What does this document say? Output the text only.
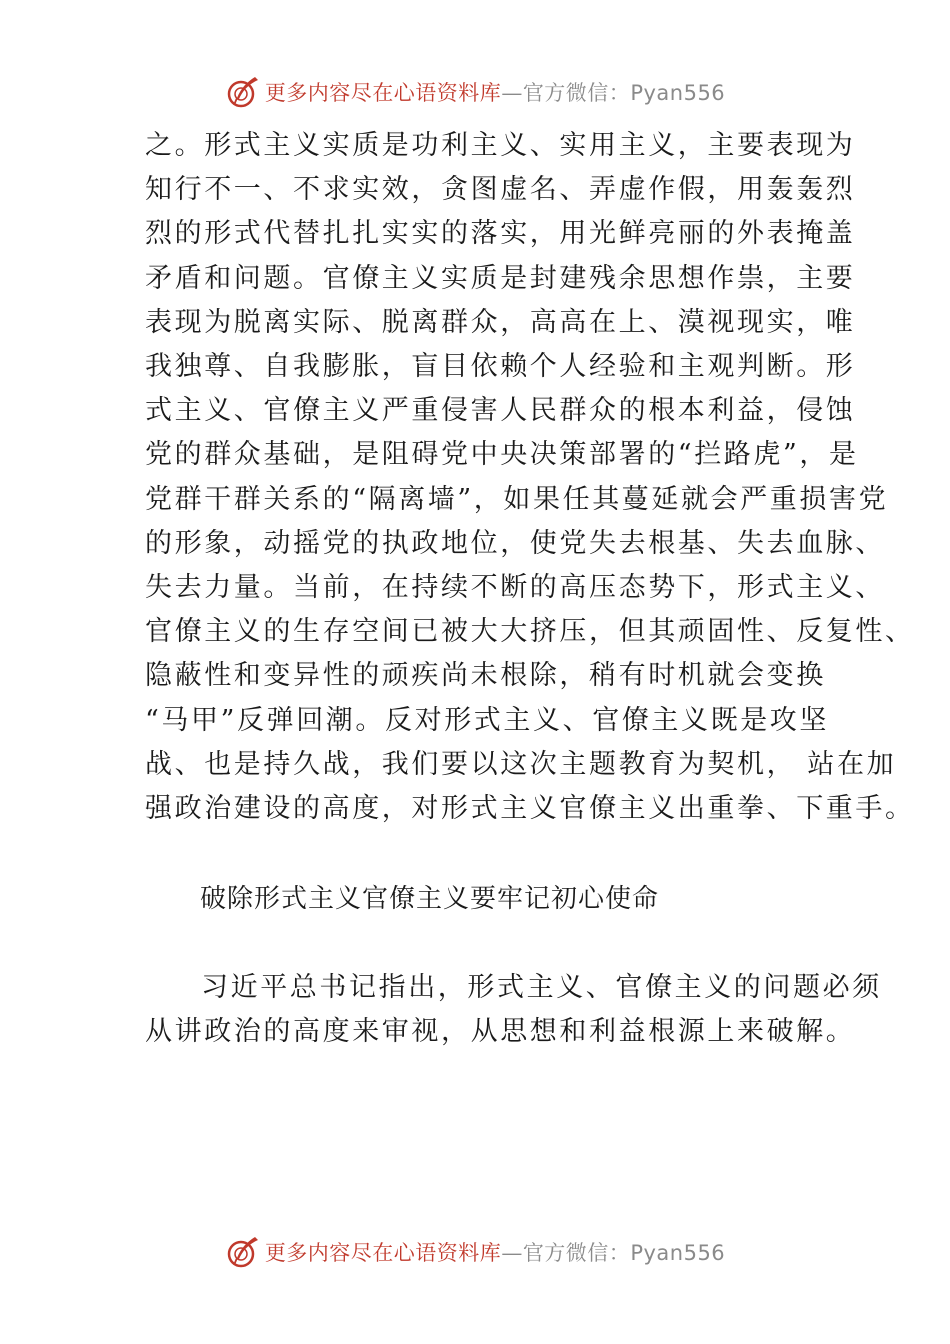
更多内容尽在心语资料库—官方微信：Pyan556
之。形式主义实质是功利主义、实用主义，主要表现为
知行不一、不求实效，贪图虚名、弄虚作假，用轰轰烈
烈的形式代替扎扎实实的落实，用光鲜亮丽的外表掩盖
矛盾和问题。官僚主义实质是封建残余思想作祟，主要
表现为脱离实际、脱离群众，高高在上、漠视现实，唯
我独尊、自我膨胀，盲目依赖个人经验和主观判断。形
式主义、官僚主义严重侵害人民群众的根本利益，侵蚀
党的群众基础，是阻碍党中央决策部署的“拦路虎”，是
党群干群关系的“隔离墙”，如果任其蔓延就会严重损害党
的形象，动摇党的执政地位，使党失去根基、失去血脉、
失去力量。当前，在持续不断的高压态势下，形式主义、
官僚主义的生存空间已被大大挤压，但其顽固性、反复性、
隐蔽性和变异性的顽疾尚未根除，稍有时机就会变换
“马甲”反弹回潮。反对形式主义、官僚主义既是攻坚
战、也是持久战，我们要以这次主题教育为契机， 站在加
强政治建设的高度，对形式主义官僚主义出重拳、下重手。
破除形式主义官僚主义要牢记初心使命
习近平总书记指出，形式主义、官僚主义的问题必须
从讲政治的高度来审视，从思想和利益根源上来破解。
更多内容尽在心语资料库—官方微信：Pyan556
